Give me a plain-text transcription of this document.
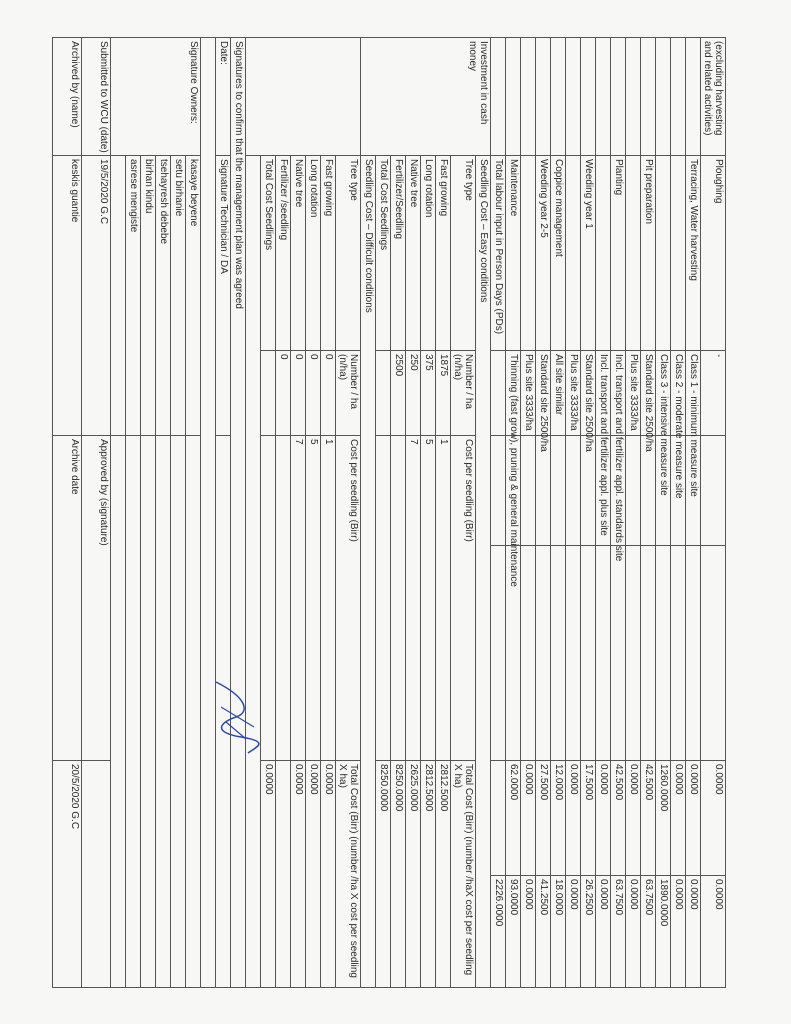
(excluding harvesting and related activities)	Ploughing	-			0.0000	0.0000
	Terracing, Water harvesting	Class 1 - minimum measure site			0.0000	0.0000
		Class 2 - moderate measure site			0.0000	0.0000
		Class 3 - intensive measure site			1260.0000	1890.0000
	Pit preparation	Standard site 2500/ha			42.5000	63.7500
		Plus site 3333/ha			0.0000	0.0000
	Planting	Incl. transport and fertilizer appl. standards site			42.5000	63.7500
		Incl. transport and fertilizer appl. plus site			0.0000	0.0000
	Weeding year 1	Standard site 2500/ha			17.5000	26.2500
		Plus site 3333/ha			0.0000	0.0000
	Coppice management	All site similar			12.0000	18.0000
	Weeding year 2-5	Standard site 2500/ha			27.5000	41.2500
		Plus site 3333/ha			0.0000	0.0000
	Maintenance	Thinning (fast grow), pruning & general maintenance			62.0000	93.0000
	Total labour input in Person Days (PDs)					2226.0000
Investment in cash money	Seedling Cost – Easy conditions					
	Tree type	Number / ha (n/ha)	Cost per seedling (Birr)		Total Cost (Birr) (number /haX cost per seedling X ha)	
	Fast growing	1875	1		2812.5000	
	Long rotation	375	5		2812.5000	
	Native tree	250	7		2625.0000	
	Fertilizer/Seedling	2500			8250.0000	
	Total Cost Seedlings				8250.0000	
	Seedling Cost – Difficult conditions					
	Tree type	Number / ha (n/ha)	Cost per seedling (Birr)		Total Cost (Birr) (number /ha X cost per seedling X ha)	
	Fast growing	0	1		0.0000	
	Long rotation	0	5		0.0000	
	Native tree	0	7		0.0000	
	Fertilizer /seedling	0				
	Total Cost Seedlings				0.0000	

Signatures to confirm that the management plan was agreed						
Date:	Signature Technician / DA					

Signature Owners:	kasaye beyene					
	setu birhanie					
	tsehayresh debebe					
	birhan kindu					
	asrese mengiste					

Submitted to WCU (date)	19/5/2020 G.C		Approved by (signature)			
Archived by (name)	keskis guantie		Archive date		20/5/2020 G.C	
